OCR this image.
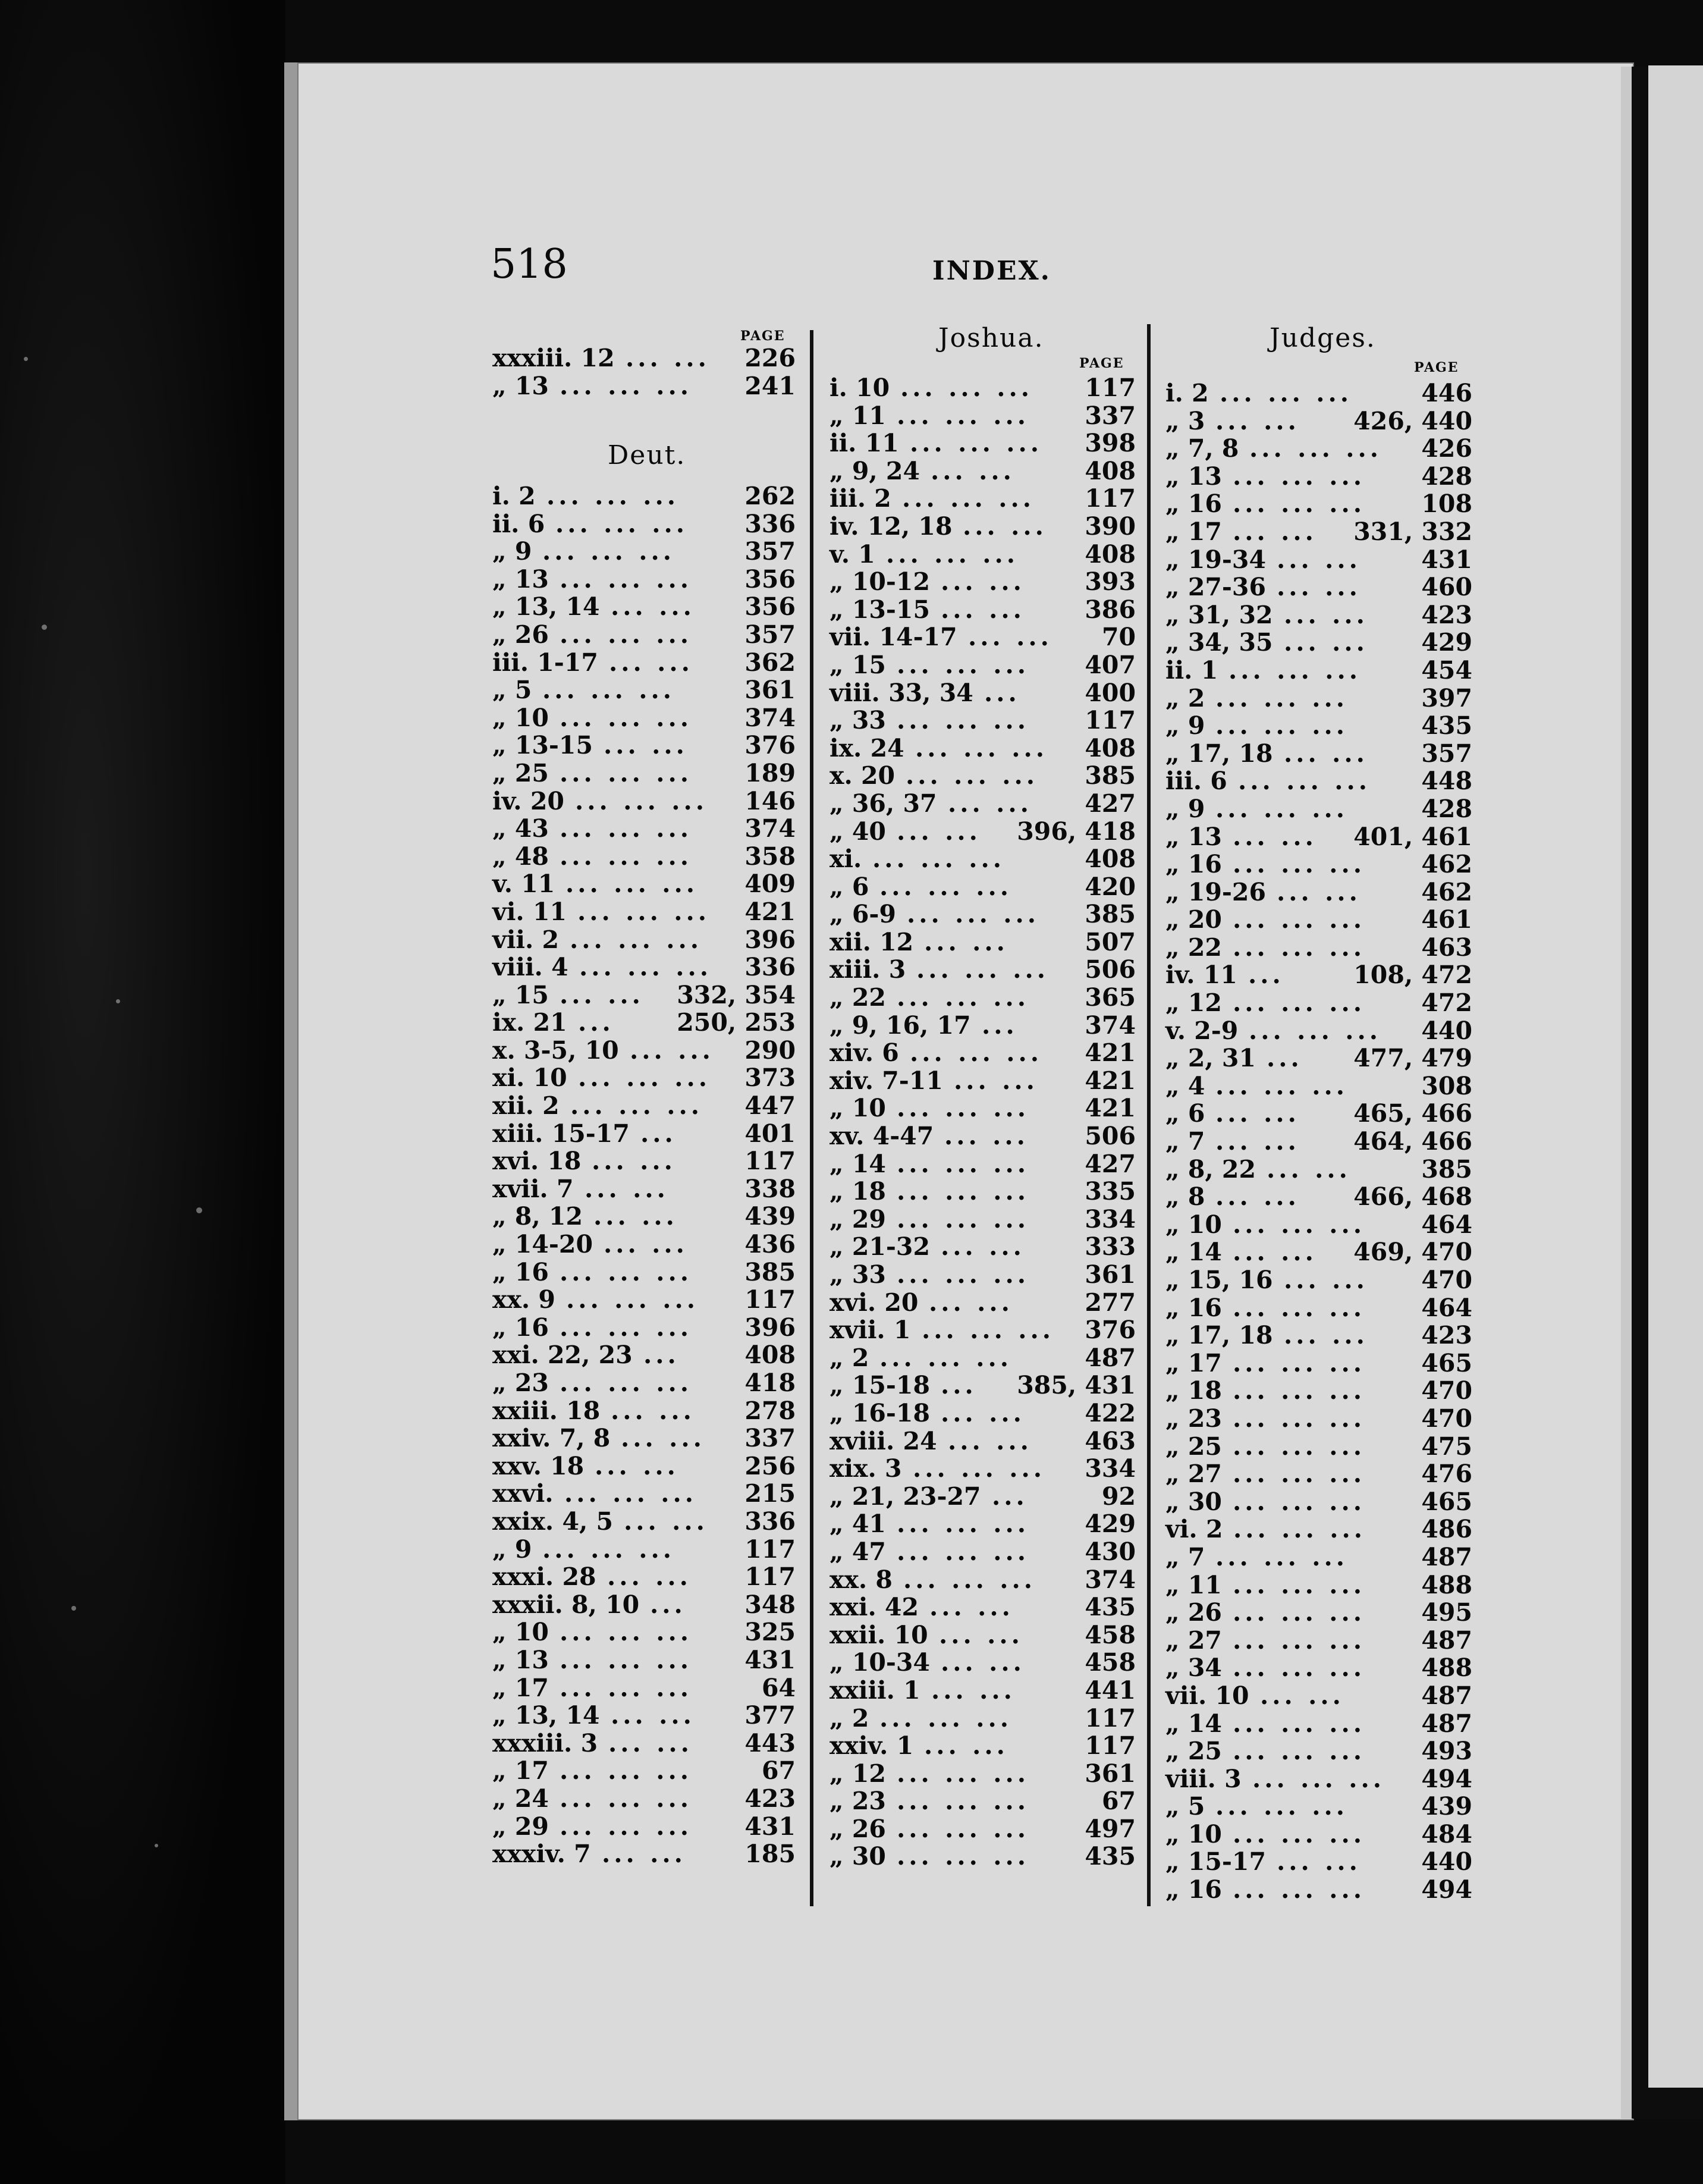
518	INDEX.
PAGE
PAGE	PAGE
Deut.
Joshua.	Judges.
xxxiii. 12 ... ...	226
„ 13 ... ... ...	241
i. 2 ... ... ...	262
ii. 6 ... ... ...	336
„ 9 ... ... ...	357
„ 13 ... ... ...	356
„ 13, 14 ... ...	356
„ 26 ... ... ...	357
iii. 1-17 ... ...	362
„ 5 ... ... ...	361
„ 10 ... ... ...	374
„ 13-15 ... ...	376
„ 25 ... ... ...	189
iv. 20 ... ... ...	146
„ 43 ... ... ...	374
„ 48 ... ... ...	358
v. 11 ... ... ...	409
vi. 11 ... ... ...	421
vii. 2 ... ... ...	396
viii. 4 ... ... ...	336
„ 15 ... ...	332, 354
ix. 21 ...	250, 253
x. 3-5, 10 ... ...	290
xi. 10 ... ... ...	373
xii. 2 ... ... ...	447
xiii. 15-17 ...	401
xvi. 18 ... ...	117
xvii. 7 ... ...	338
„ 8, 12 ... ...	439
„ 14-20 ... ...	436
„ 16 ... ... ...	385
xx. 9 ... ... ...	117
„ 16 ... ... ...	396
xxi. 22, 23 ...	408
„ 23 ... ... ...	418
xxiii. 18 ... ...	278
xxiv. 7, 8 ... ...	337
xxv. 18 ... ...	256
xxvi. ... ... ...	215
xxix. 4, 5 ... ...	336
„ 9 ... ... ...	117
xxxi. 28 ... ...	117
xxxii. 8, 10 ...	348
„ 10 ... ... ...	325
„ 13 ... ... ...	431
„ 17 ... ... ...	64
„ 13, 14 ... ...	377
xxxiii. 3 ... ...	443
„ 17 ... ... ...	67
„ 24 ... ... ...	423
„ 29 ... ... ...	431
xxxiv. 7 ... ...	185
i. 10 ... ... ...	117
„ 11 ... ... ...	337
ii. 11 ... ... ...	398
„ 9, 24 ... ...	408
iii. 2 ... ... ...	117
iv. 12, 18 ... ...	390
v. 1 ... ... ...	408
„ 10-12 ... ...	393
„ 13-15 ... ...	386
vii. 14-17 ... ...	70
„ 15 ... ... ...	407
viii. 33, 34 ...	400
„ 33 ... ... ...	117
ix. 24 ... ... ...	408
x. 20 ... ... ...	385
„ 36, 37 ... ...	427
„ 40 ... ...	396, 418
xi. ... ... ...	408
„ 6 ... ... ...	420
„ 6-9 ... ... ...	385
xii. 12 ... ...	507
xiii. 3 ... ... ...	506
„ 22 ... ... ...	365
„ 9, 16, 17 ...	374
xiv. 6 ... ... ...	421
xiv. 7-11 ... ...	421
„ 10 ... ... ...	421
xv. 4-47 ... ...	506
„ 14 ... ... ...	427
„ 18 ... ... ...	335
„ 29 ... ... ...	334
„ 21-32 ... ...	333
„ 33 ... ... ...	361
xvi. 20 ... ...	277
xvii. 1 ... ... ...	376
„ 2 ... ... ...	487
„ 15-18 ...	385, 431
„ 16-18 ... ...	422
xviii. 24 ... ...	463
xix. 3 ... ... ...	334
„ 21, 23-27 ...	92
„ 41 ... ... ...	429
„ 47 ... ... ...	430
xx. 8 ... ... ...	374
xxi. 42 ... ...	435
xxii. 10 ... ...	458
„ 10-34 ... ...	458
xxiii. 1 ... ...	441
„ 2 ... ... ...	117
xxiv. 1 ... ...	117
„ 12 ... ... ...	361
„ 23 ... ... ...	67
„ 26 ... ... ...	497
„ 30 ... ... ...	435
i. 2 ... ... ...	446
„ 3 ... ...	426, 440
„ 7, 8 ... ... ...	426
„ 13 ... ... ...	428
„ 16 ... ... ...	108
„ 17 ... ...	331, 332
„ 19-34 ... ...	431
„ 27-36 ... ...	460
„ 31, 32 ... ...	423
„ 34, 35 ... ...	429
ii. 1 ... ... ...	454
„ 2 ... ... ...	397
„ 9 ... ... ...	435
„ 17, 18 ... ...	357
iii. 6 ... ... ...	448
„ 9 ... ... ...	428
„ 13 ... ...	401, 461
„ 16 ... ... ...	462
„ 19-26 ... ...	462
„ 20 ... ... ...	461
„ 22 ... ... ...	463
iv. 11 ...	108, 472
„ 12 ... ... ...	472
v. 2-9 ... ... ...	440
„ 2, 31 ...	477, 479
„ 4 ... ... ...	308
„ 6 ... ...	465, 466
„ 7 ... ...	464, 466
„ 8, 22 ... ...	385
„ 8 ... ...	466, 468
„ 10 ... ... ...	464
„ 14 ... ...	469, 470
„ 15, 16 ... ...	470
„ 16 ... ... ...	464
„ 17, 18 ... ...	423
„ 17 ... ... ...	465
„ 18 ... ... ...	470
„ 23 ... ... ...	470
„ 25 ... ... ...	475
„ 27 ... ... ...	476
„ 30 ... ... ...	465
vi. 2 ... ... ...	486
„ 7 ... ... ...	487
„ 11 ... ... ...	488
„ 26 ... ... ...	495
„ 27 ... ... ...	487
„ 34 ... ... ...	488
vii. 10 ... ...	487
„ 14 ... ... ...	487
„ 25 ... ... ...	493
viii. 3 ... ... ...	494
„ 5 ... ... ...	439
„ 10 ... ... ...	484
„ 15-17 ... ...	440
„ 16 ... ... ...	494
